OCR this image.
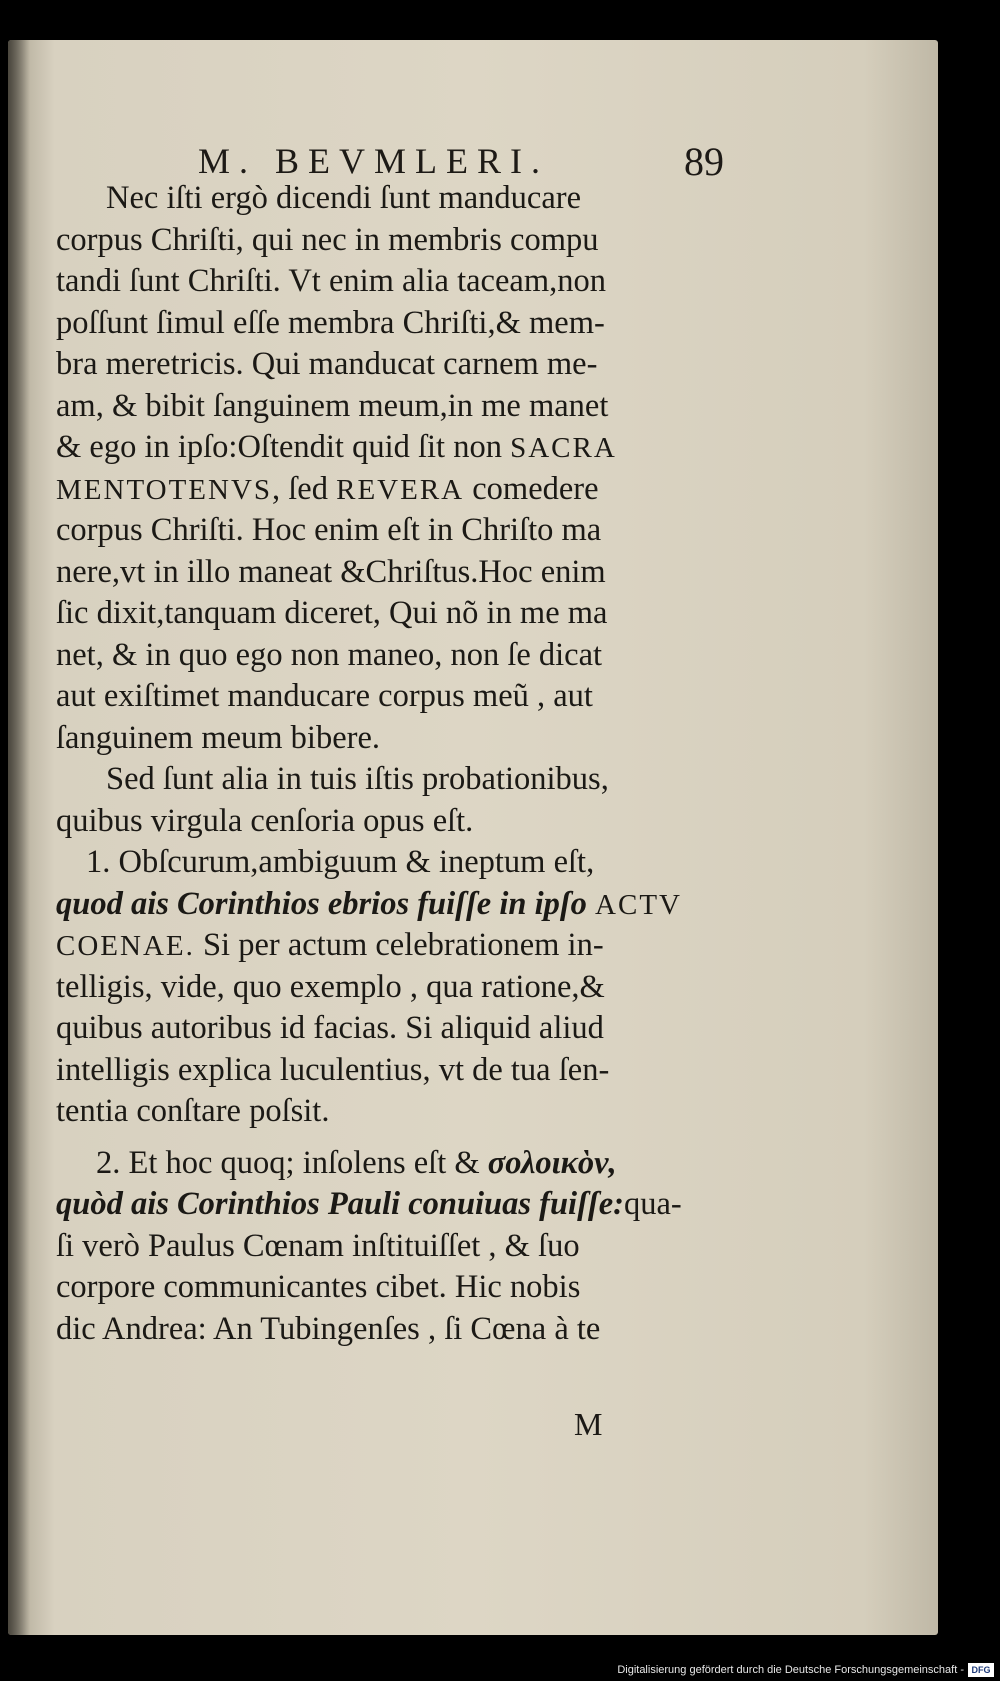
M. BEVMLERI.	89
Nec iſti ergò dicendi ſunt manducare
corpus Chriſti, qui nec in membris compu
tandi ſunt Chriſti. Vt enim alia taceam,non
poſſunt ſimul eſſe membra Chriſti,& mem-
bra meretricis. Qui manducat carnem me-
am, & bibit ſanguinem meum,in me manet
& ego in ipſo:Oſtendit quid ſit non SACRA
MENTOTENVS, ſed REVERA comedere
corpus Chriſti. Hoc enim eſt in Chriſto ma
nere,vt in illo maneat &Chriſtus.Hoc enim
ſic dixit,tanquam diceret, Qui nõ in me ma
net, & in quo ego non maneo, non ſe dicat
aut exiſtimet manducare corpus meũ , aut
ſanguinem meum bibere.
Sed ſunt alia in tuis iſtis probationibus,
quibus virgula cenſoria opus eſt.
1. Obſcurum,ambiguum & ineptum eſt,
quod ais Corinthios ebrios fuiſſe in ipſo ACTV
COENAE. Si per actum celebrationem in-
telligis, vide, quo exemplo , qua ratione,&
quibus autoribus id facias. Si aliquid aliud
intelligis explica luculentius, vt de tua ſen-
tentia conſtare poſsit.
2. Et hoc quoq; inſolens eſt & σολοικὸν,
quòd ais Corinthios Pauli conuiuas fuiſſe:qua-
ſi verò Paulus Cœnam inſtituiſſet , & ſuo
corpore communicantes cibet. Hic nobis
dic Andrea: An Tubingenſes , ſi Cœna à te
M
Digitalisierung gefördert durch die Deutsche Forschungsgemeinschaft - DFG
